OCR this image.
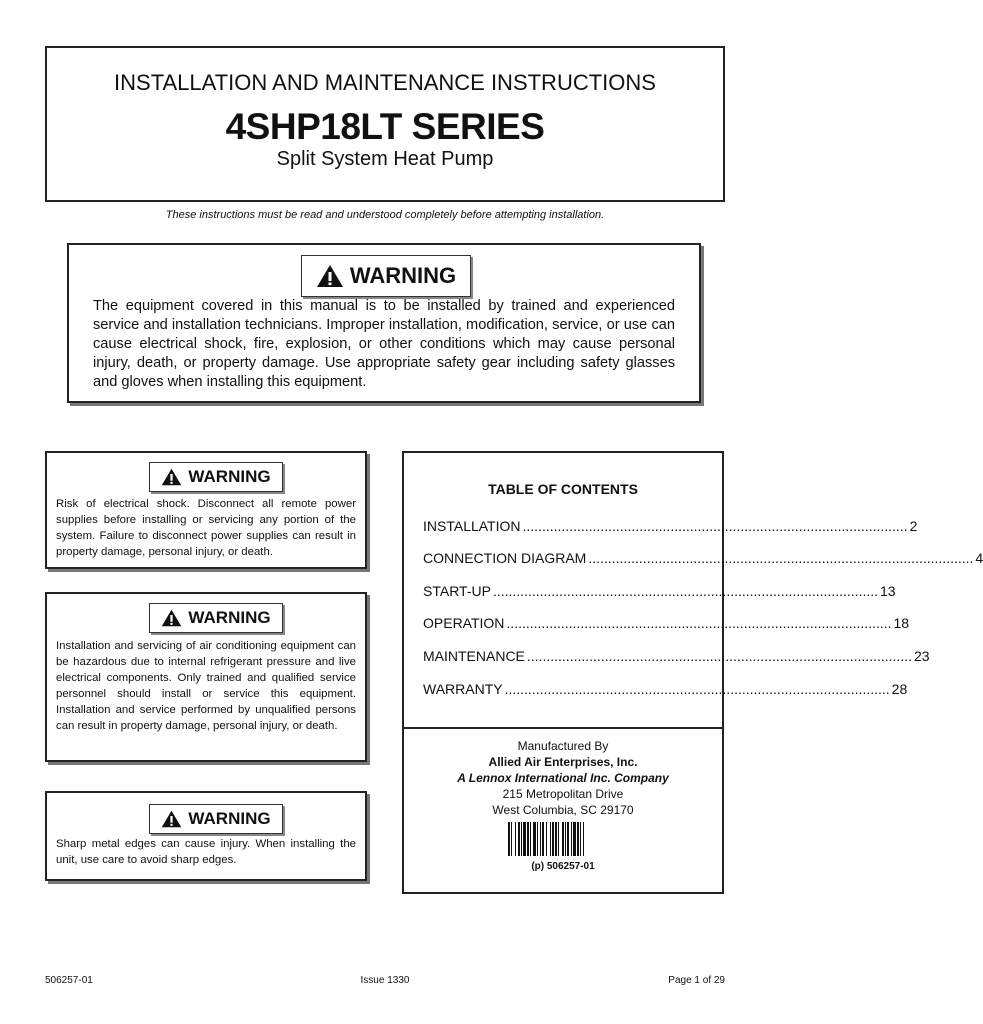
INSTALLATION AND MAINTENANCE INSTRUCTIONS
4SHP18LT SERIES
Split System Heat Pump
These instructions must be read and understood completely before attempting installation.
WARNING
The equipment covered in this manual is to be installed by trained and experienced service and installation technicians. Improper installation, modification, service, or use can cause electrical shock, fire, explosion, or other conditions which may cause personal injury, death, or property damage. Use appropriate safety gear including safety glasses and gloves when installing this equipment.
WARNING
Risk of electrical shock. Disconnect all remote power supplies before installing or servicing any portion of the system. Failure to disconnect power supplies can result in property damage, personal injury, or death.
WARNING
Installation and servicing of air conditioning equipment can be hazardous due to internal refrigerant pressure and live electrical components. Only trained and qualified service personnel should install or service this equipment. Installation and service performed by unqualified persons can result in property damage, personal injury, or death.
WARNING
Sharp metal edges can cause injury. When installing the unit, use care to avoid sharp edges.
TABLE OF CONTENTS
INSTALLATION ................................................................................................... 2
CONNECTION DIAGRAM ................................................................................................... 4
START-UP ................................................................................................... 13
OPERATION ................................................................................................... 18
MAINTENANCE ................................................................................................... 23
WARRANTY ................................................................................................... 28
Manufactured By
Allied Air Enterprises, Inc.
A Lennox International Inc. Company
215 Metropolitan Drive
West Columbia, SC 29170
(p) 506257-01
506257-01	Issue 1330	Page 1 of 29
